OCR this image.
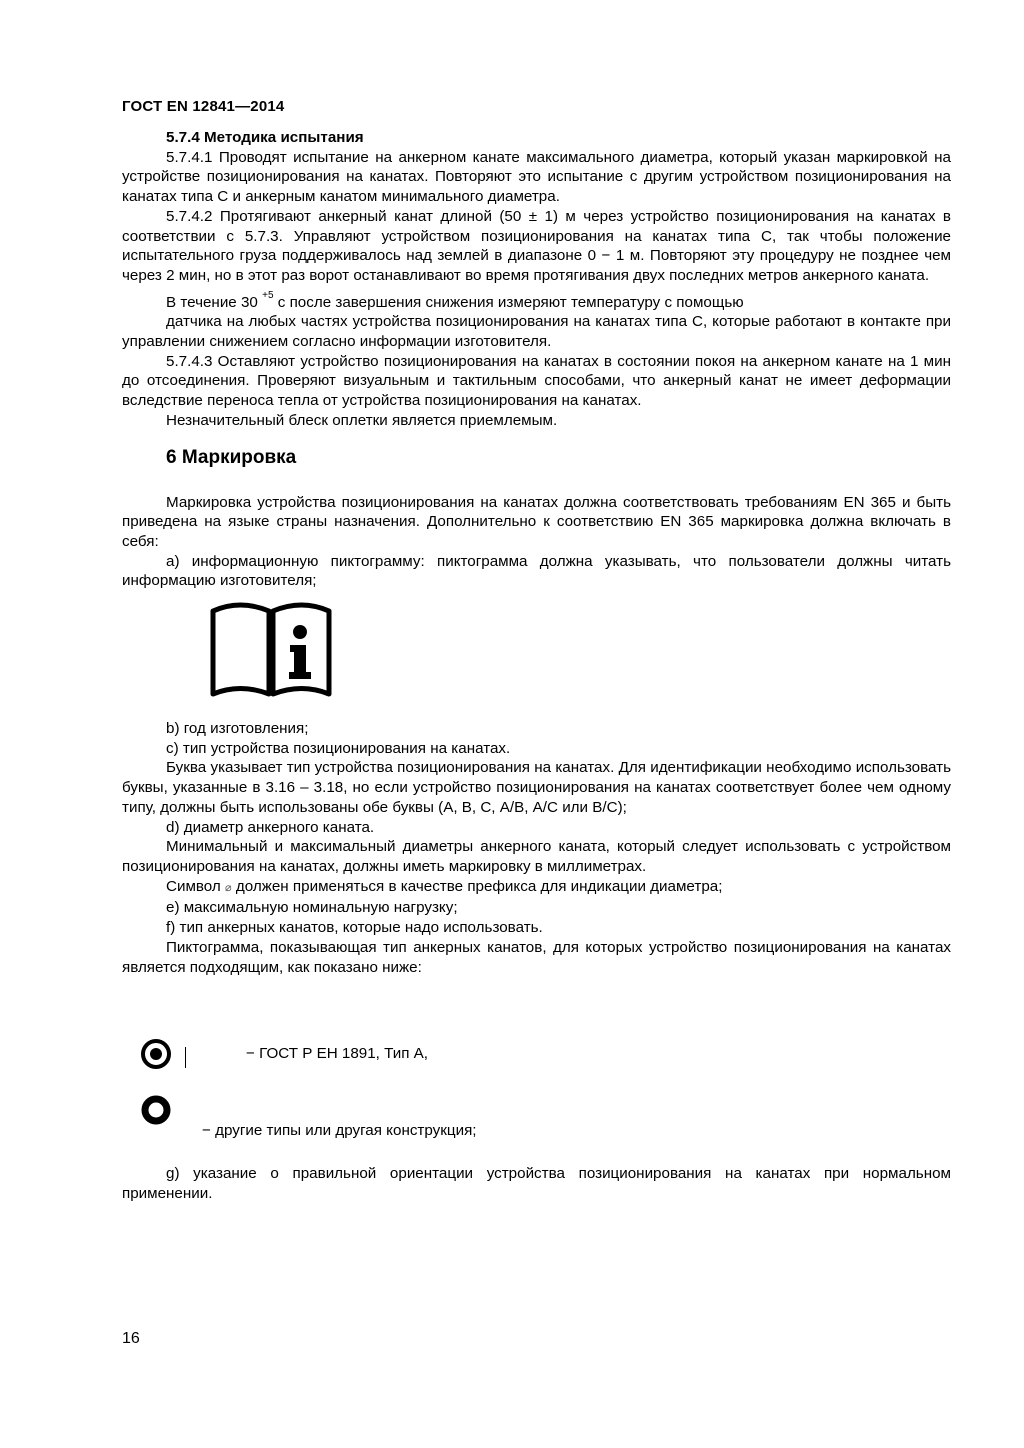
ГОСТ EN 12841—2014

5.7.4 Методика испытания

5.7.4.1 Проводят испытание на анкерном канате максимального диаметра, который указан маркировкой на устройстве позиционирования на канатах. Повторяют это испытание с другим устройством позиционирования на канатах типа С и анкерным канатом минимального диаметра.

5.7.4.2 Протягивают анкерный канат длиной (50 ± 1) м через устройство позиционирования на канатах в соответствии с 5.7.3. Управляют устройством позиционирования на канатах типа С, так чтобы положение испытательного груза поддерживалось над землей в диапазоне 0 − 1 м. Повторяют эту процедуру не позднее чем через 2 мин, но в этот раз ворот останавливают во время протягивания двух последних метров анкерного каната.

В течение 30 $^{+5}$ с после завершения снижения измеряют температуру с помощью

датчика на любых частях устройства позиционирования на канатах типа С, которые работают в контакте при управлении снижением согласно информации изготовителя.

5.7.4.3 Оставляют устройство позиционирования на канатах в состоянии покоя на анкерном канате на 1 мин до отсоединения. Проверяют визуальным и тактильным способами, что анкерный канат не имеет деформации вследствие переноса тепла от устройства позиционирования на канатах.

Незначительный блеск оплетки является приемлемым.

6 Маркировка

Маркировка устройства позиционирования на канатах должна соответствовать требованиям EN 365 и быть приведена на языке страны назначения. Дополнительно к соответствию EN 365 маркировка должна включать в себя:

а) информационную пиктограмму: пиктограмма должна указывать, что пользователи должны читать информацию изготовителя;

b) год изготовления;

с) тип устройства позиционирования на канатах.

Буква указывает тип устройства позиционирования на канатах. Для идентификации необходимо использовать буквы, указанные в 3.16 – 3.18, но если устройство позиционирования на канатах соответствует более чем одному типу, должны быть использованы обе буквы (А, В, С, А/В, А/С или В/С);

d) диаметр анкерного каната.

Минимальный и максимальный диаметры анкерного каната, который следует использовать с устройством позиционирования на канатах, должны иметь маркировку в миллиметрах.

Символ ⌀ должен применяться в качестве префикса для индикации диаметра;

е) максимальную номинальную нагрузку;

f) тип анкерных канатов, которые надо использовать.

Пиктограмма, показывающая тип анкерных канатов, для которых устройство позиционирования на канатах является подходящим, как показано ниже:

− ГОСТ Р ЕН 1891, Тип А,
− другие типы или другая конструкция;

g) указание о правильной ориентации устройства позиционирования на канатах при нормальном применении.

16
